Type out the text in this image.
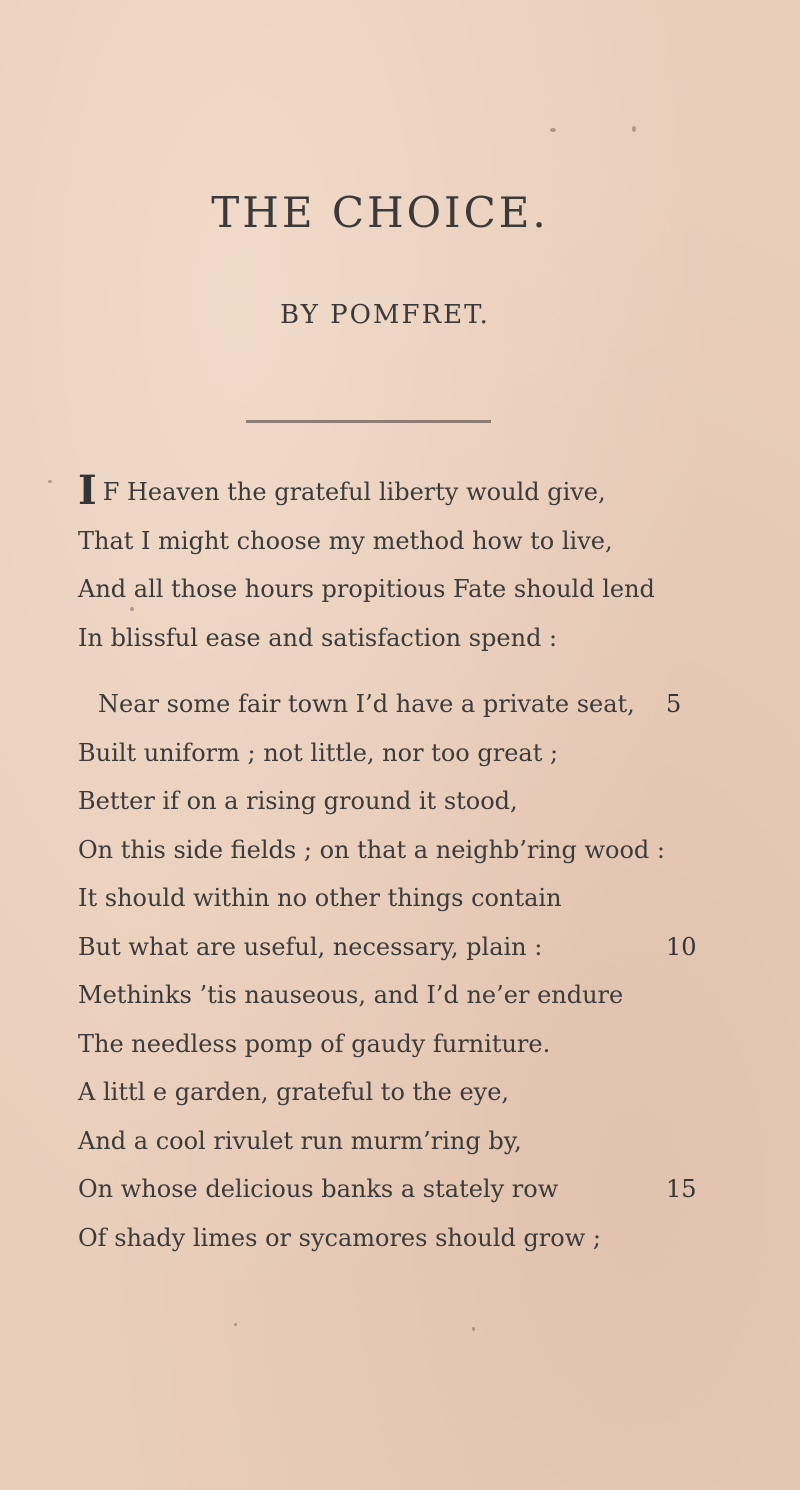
THE CHOICE.
BY POMFRET.
I F Heaven the grateful liberty would give,
That I might choose my method how to live,
And all those hours propitious Fate should lend
In blissful ease and satisfaction spend :
Near some fair town I’d have a private seat, 5
Built uniform ; not little, nor too great ;
Better if on a rising ground it stood,
On this side fields ; on that a neighb’ring wood :
It should within no other things contain
But what are useful, necessary, plain :	10
Methinks ’tis nauseous, and I’d ne’er endure
The needless pomp of gaudy furniture.
A littl e garden, grateful to the eye,
And a cool rivulet run murm’ring by,
On whose delicious banks a stately row	15
Of shady limes or sycamores should grow ;
